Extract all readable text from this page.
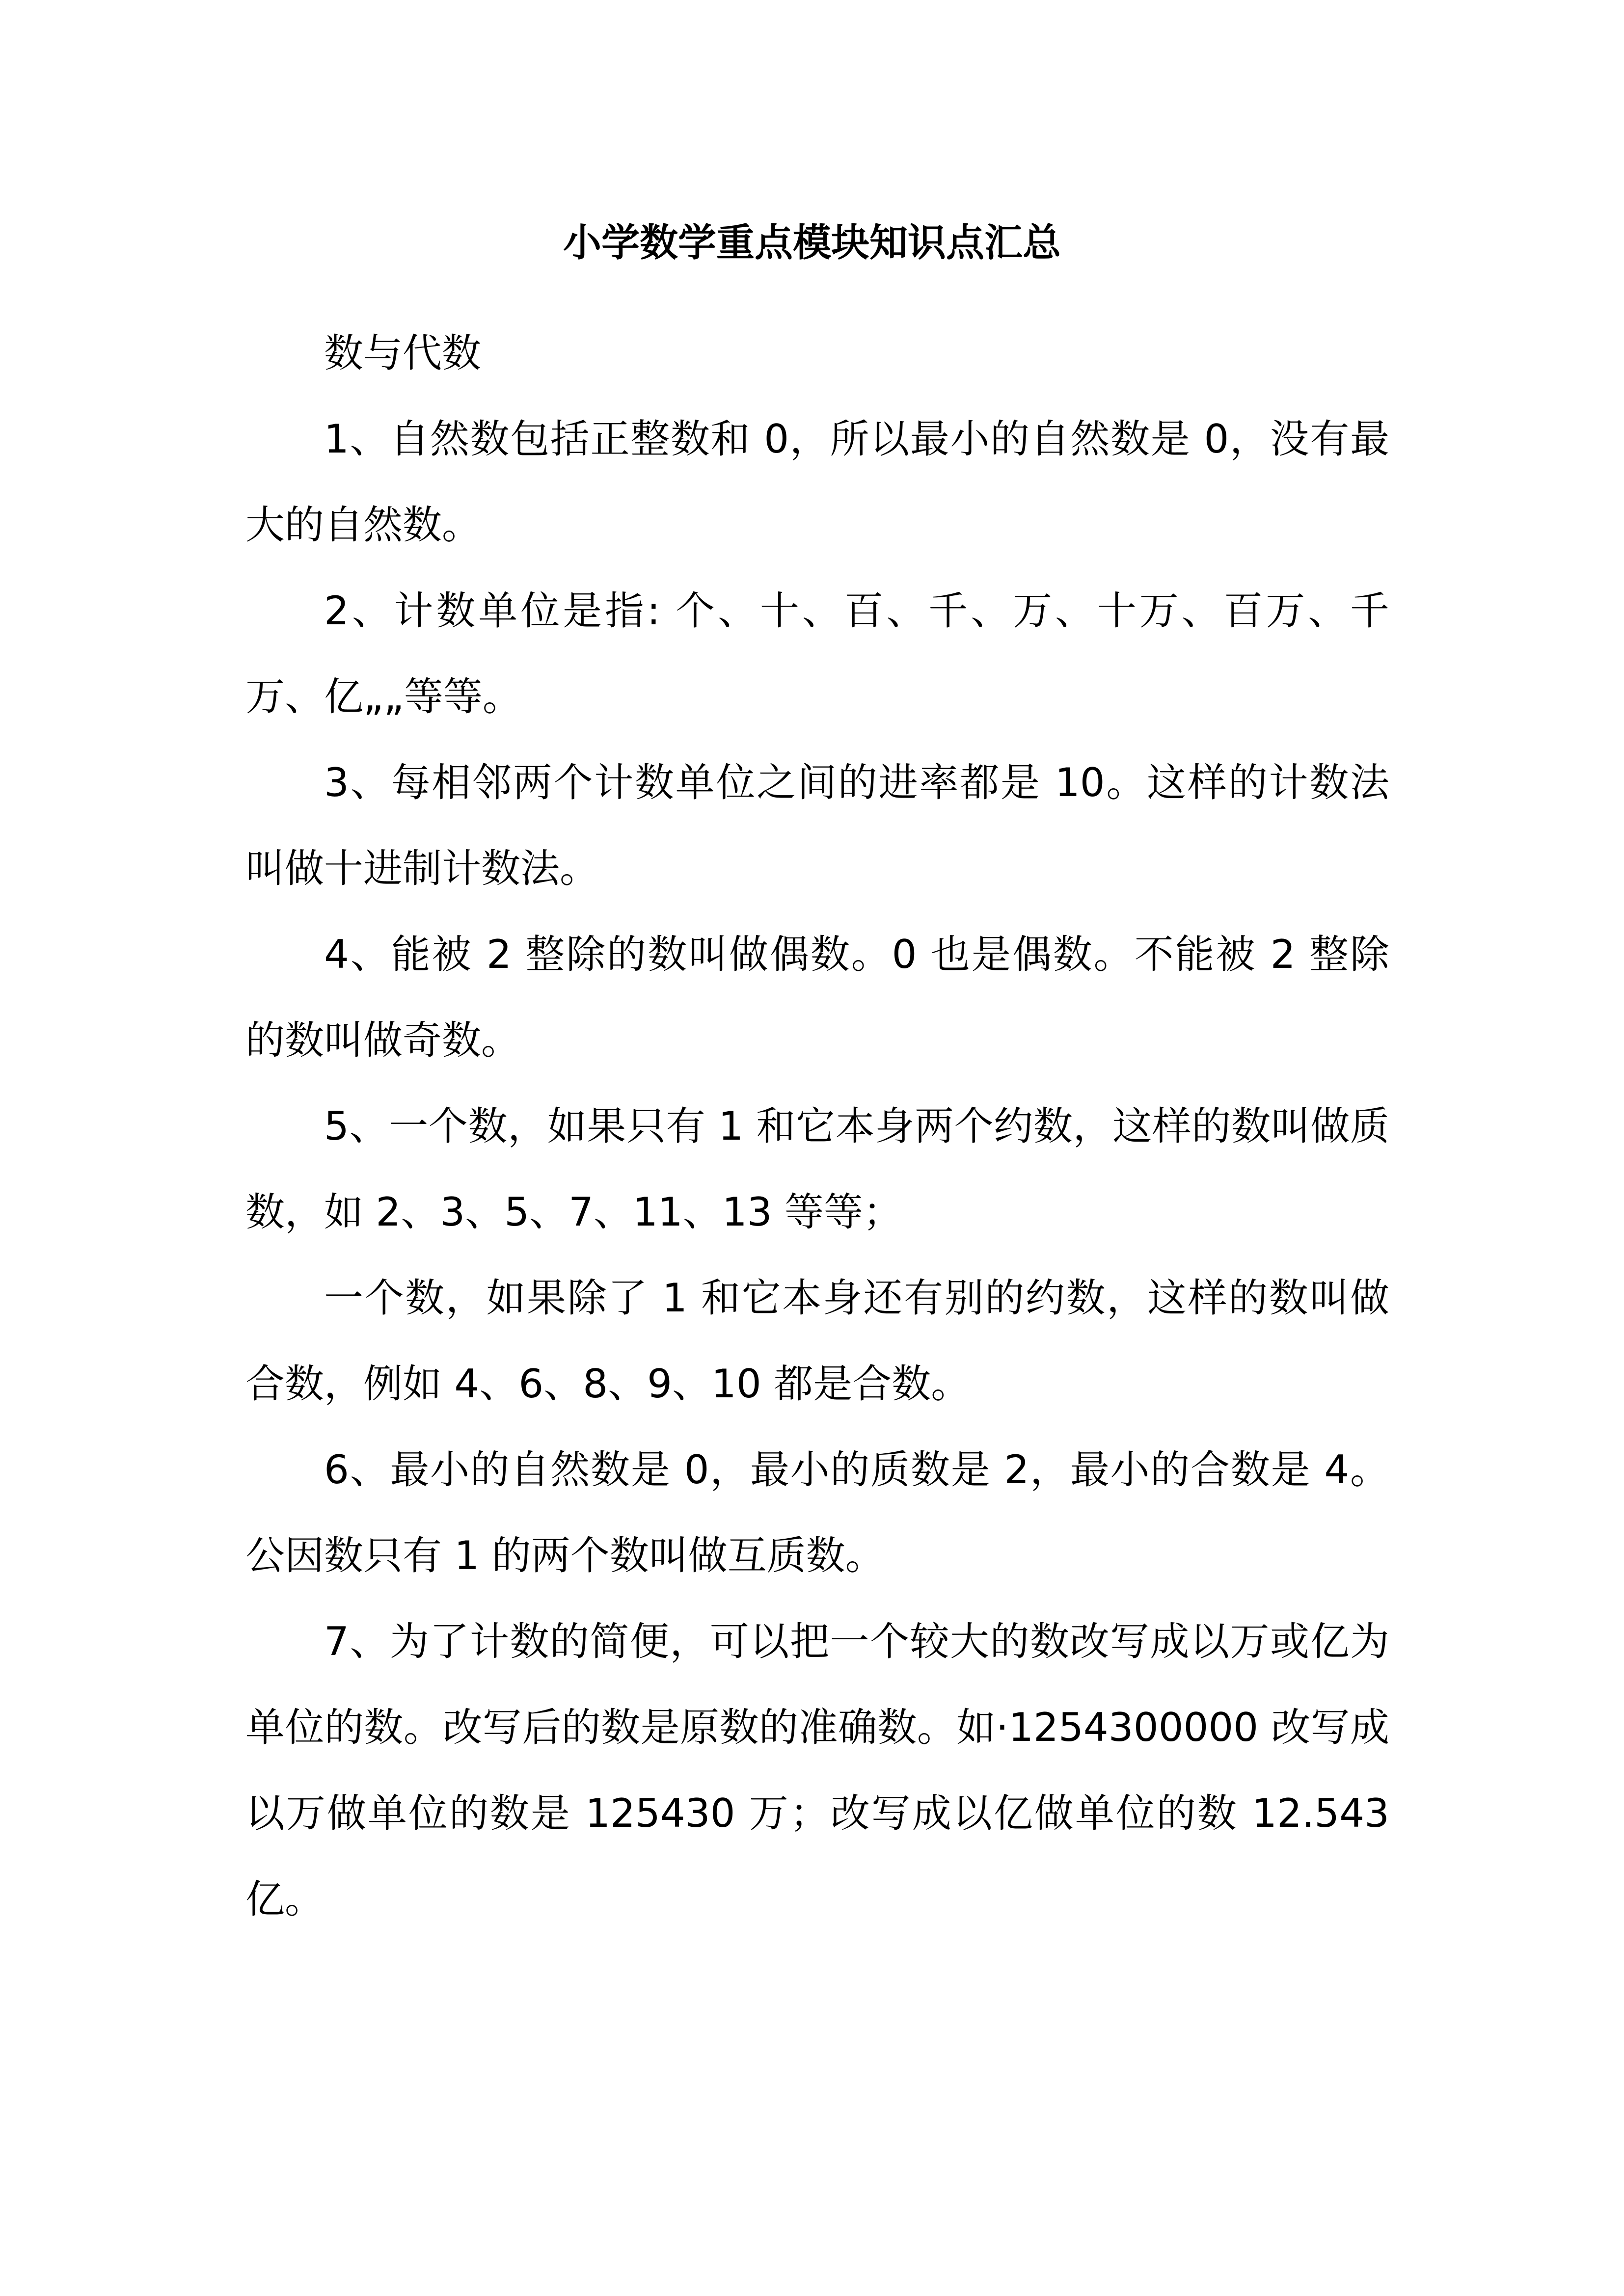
小学数学重点模块知识点汇总

数与代数

1、自然数包括正整数和 0，所以最小的自然数是 0，没有最大的自然数。

2、计数单位是指: 个、十、百、千、万、十万、百万、千万、亿„„等等。

3、每相邻两个计数单位之间的进率都是 10。这样的计数法叫做十进制计数法。

4、能被 2 整除的数叫做偶数。0 也是偶数。不能被 2 整除的数叫做奇数。

5、一个数，如果只有 1 和它本身两个约数，这样的数叫做质数，如 2、3、5、7、11、13 等等；

一个数，如果除了 1 和它本身还有别的约数，这样的数叫做合数，例如 4、6、8、9、10 都是合数。

6、最小的自然数是 0，最小的质数是 2，最小的合数是 4。公因数只有 1 的两个数叫做互质数。

7、为了计数的简便，可以把一个较大的数改写成以万或亿为单位的数。改写后的数是原数的准确数。如·1254300000 改写成以万做单位的数是 125430 万；改写成以亿做单位的数 12.543 亿。
